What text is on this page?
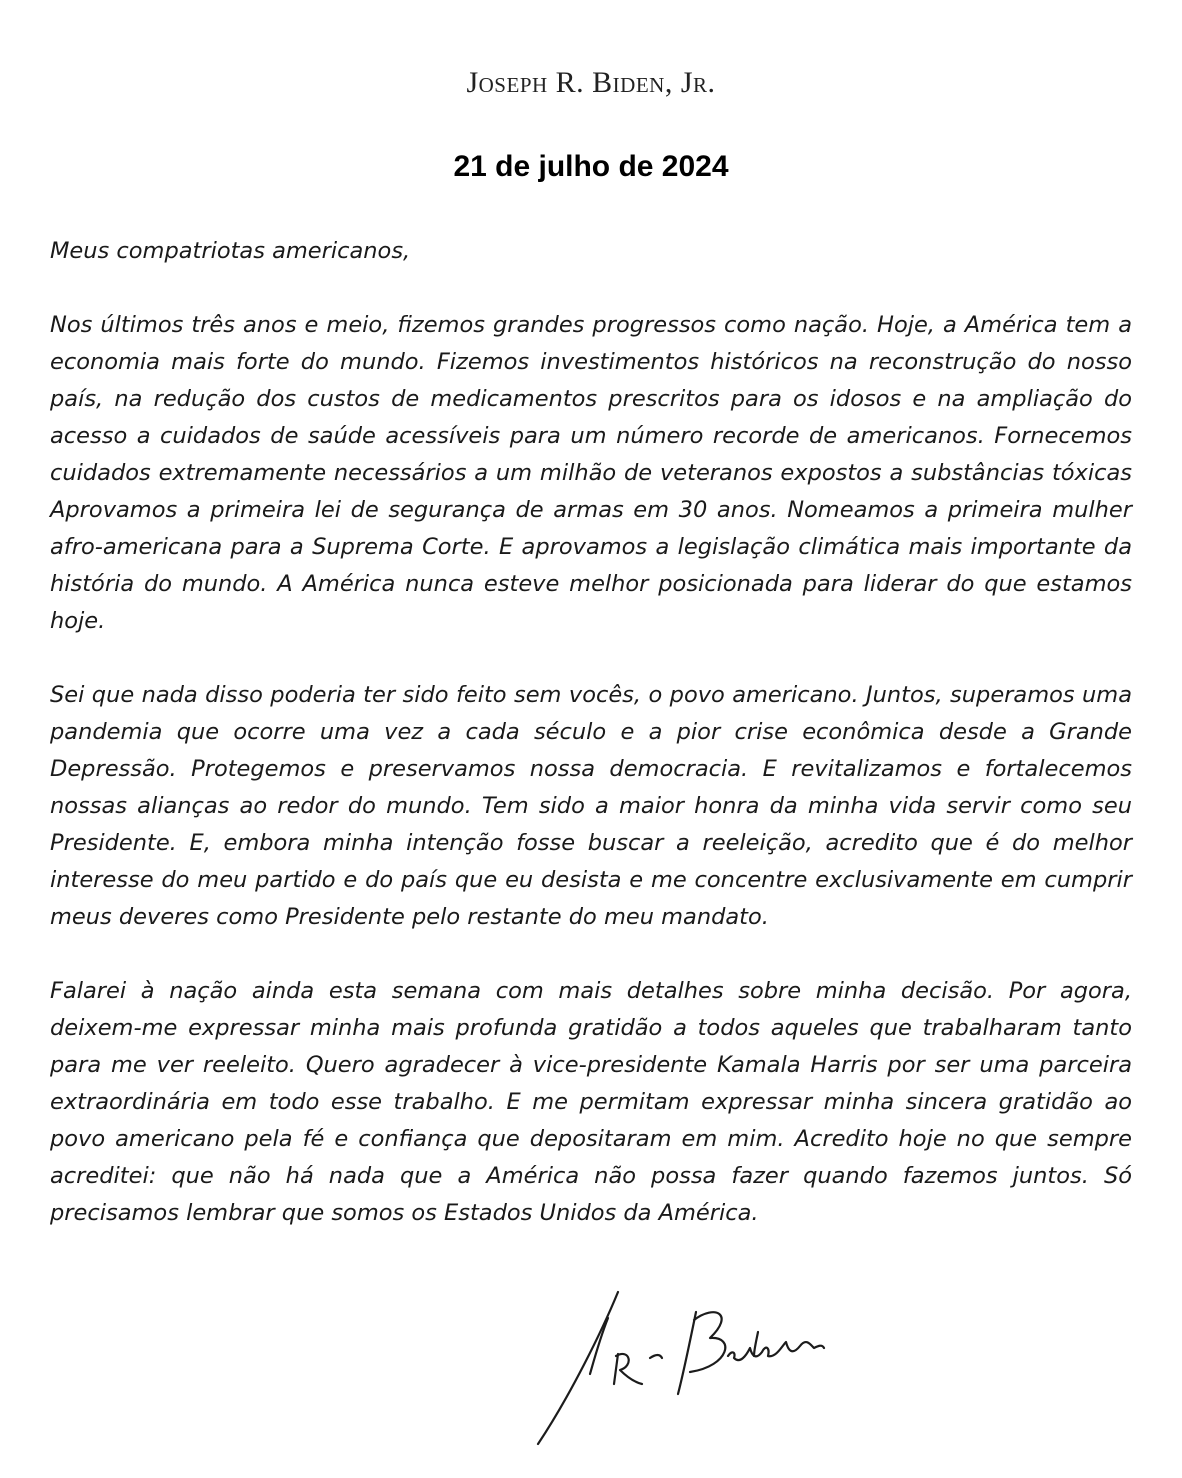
Joseph R. Biden, Jr.
21 de julho de 2024

Meus compatriotas americanos,

Nos últimos três anos e meio, fizemos grandes progressos como nação. Hoje, a América tem a economia mais forte do mundo. Fizemos investimentos históricos na reconstrução do nosso país, na redução dos custos de medicamentos prescritos para os idosos e na ampliação do acesso a cuidados de saúde acessíveis para um número recorde de americanos. Fornecemos cuidados extremamente necessários a um milhão de veteranos expostos a substâncias tóxicas Aprovamos a primeira lei de segurança de armas em 30 anos. Nomeamos a primeira mulher afro-americana para a Suprema Corte. E aprovamos a legislação climática mais importante da história do mundo. A América nunca esteve melhor posicionada para liderar do que estamos hoje.

Sei que nada disso poderia ter sido feito sem vocês, o povo americano. Juntos, superamos uma pandemia que ocorre uma vez a cada século e a pior crise econômica desde a Grande Depressão. Protegemos e preservamos nossa democracia. E revitalizamos e fortalecemos nossas alianças ao redor do mundo. Tem sido a maior honra da minha vida servir como seu Presidente. E, embora minha intenção fosse buscar a reeleição, acredito que é do melhor interesse do meu partido e do país que eu desista e me concentre exclusivamente em cumprir meus deveres como Presidente pelo restante do meu mandato.

Falarei à nação ainda esta semana com mais detalhes sobre minha decisão. Por agora, deixem-me expressar minha mais profunda gratidão a todos aqueles que trabalharam tanto para me ver reeleito. Quero agradecer à vice-presidente Kamala Harris por ser uma parceira extraordinária em todo esse trabalho. E me permitam expressar minha sincera gratidão ao povo americano pela fé e confiança que depositaram em mim. Acredito hoje no que sempre acreditei: que não há nada que a América não possa fazer quando fazemos juntos. Só precisamos lembrar que somos os Estados Unidos da América.
